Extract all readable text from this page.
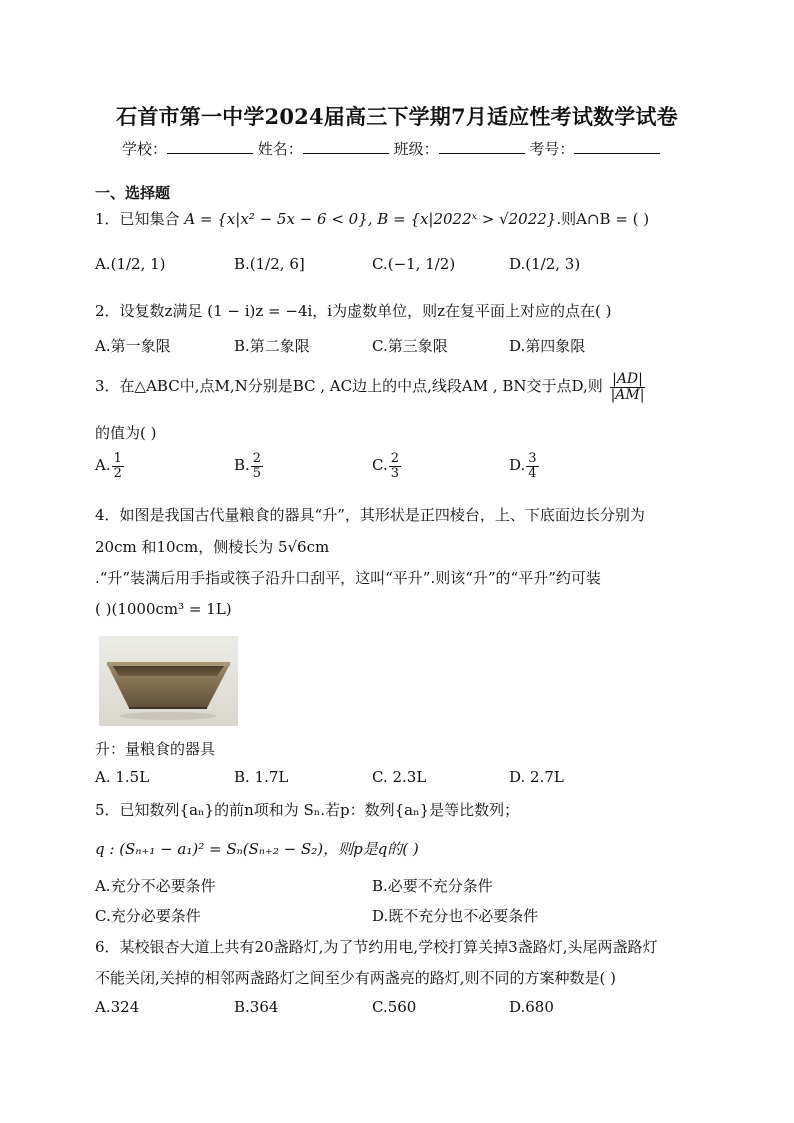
石首市第一中学2024届高三下学期7月适应性考试数学试卷
学校：	姓名：	班级：	考号：
一、选择题
1．已知集合 A = {x|x² − 5x − 6 < 0}, B = {x|2022ˣ > √2022}.则A∩B = ( )
A.(1/2, 1)	B.(1/2, 6]	C.(−1, 1/2)	D.(1/2, 3)
2．设复数z满足 (1 − i)z = −4i，i为虚数单位，则z在复平面上对应的点在( )
A.第一象限	B.第二象限	C.第三象限	D.第四象限
3．在△ABC中,点M,N分别是BC , AC边上的中点,线段AM , BN交于点D,则 $\frac{|AD|}{|AM|}$
的值为( )
A. $\frac{1}{2}$	B. $\frac{2}{5}$	C. $\frac{2}{3}$	D. $\frac{3}{4}$
4．如图是我国古代量粮食的器具“升”，其形状是正四棱台，上、下底面边长分别为
20cm 和10cm，侧棱长为 5√6cm
.“升”装满后用手指或筷子沿升口刮平，这叫“平升”.则该“升”的“平升”约可装
( )(1000cm³ = 1L)
升：量粮食的器具
A. 1.5L	B. 1.7L	C. 2.3L	D. 2.7L
5．已知数列{aₙ}的前n项和为 Sₙ.若p：数列{aₙ}是等比数列；
q : (Sₙ₊₁ − a₁)² = Sₙ(Sₙ₊₂ − S₂)，则p是q的( )
A.充分不必要条件	B.必要不充分条件
C.充分必要条件	D.既不充分也不必要条件
6．某校银杏大道上共有20盏路灯,为了节约用电,学校打算关掉3盏路灯,头尾两盏路灯
不能关闭,关掉的相邻两盏路灯之间至少有两盏亮的路灯,则不同的方案种数是( )
A.324	B.364	C.560	D.680
